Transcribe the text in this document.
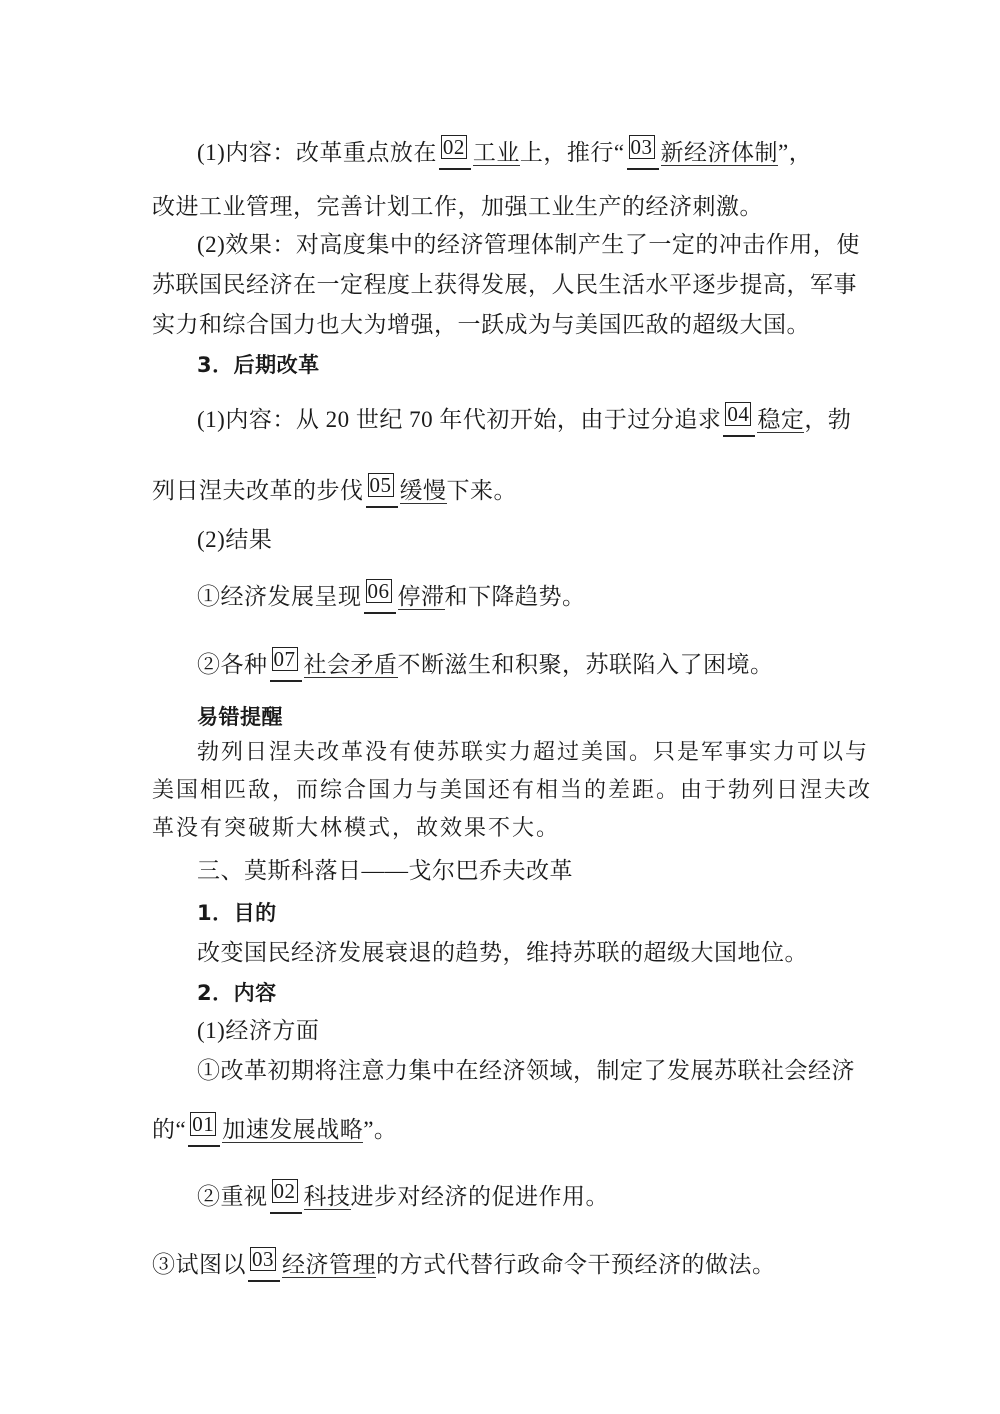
(1)内容：改革重点放在 02 工业上，推行“ 03 新经济体制”，
改进工业管理，完善计划工作，加强工业生产的经济刺激。
(2)效果：对高度集中的经济管理体制产生了一定的冲击作用，使
苏联国民经济在一定程度上获得发展，人民生活水平逐步提高，军事
实力和综合国力也大为增强，一跃成为与美国匹敌的超级大国。
3．后期改革
(1)内容：从 20 世纪 70 年代初开始，由于过分追求 04 稳定，勃
列日涅夫改革的步伐 05 缓慢下来。
(2)结果
①经济发展呈现 06 停滞和下降趋势。
②各种 07 社会矛盾不断滋生和积聚，苏联陷入了困境。
易错提醒
勃列日涅夫改革没有使苏联实力超过美国。只是军事实力可以与
美国相匹敌，而综合国力与美国还有相当的差距。由于勃列日涅夫改
革没有突破斯大林模式，故效果不大。
三、莫斯科落日——戈尔巴乔夫改革
1．目的
改变国民经济发展衰退的趋势，维持苏联的超级大国地位。
2．内容
(1)经济方面
①改革初期将注意力集中在经济领域，制定了发展苏联社会经济
的“ 01 加速发展战略”。
②重视 02 科技进步对经济的促进作用。
③试图以 03 经济管理的方式代替行政命令干预经济的做法。
